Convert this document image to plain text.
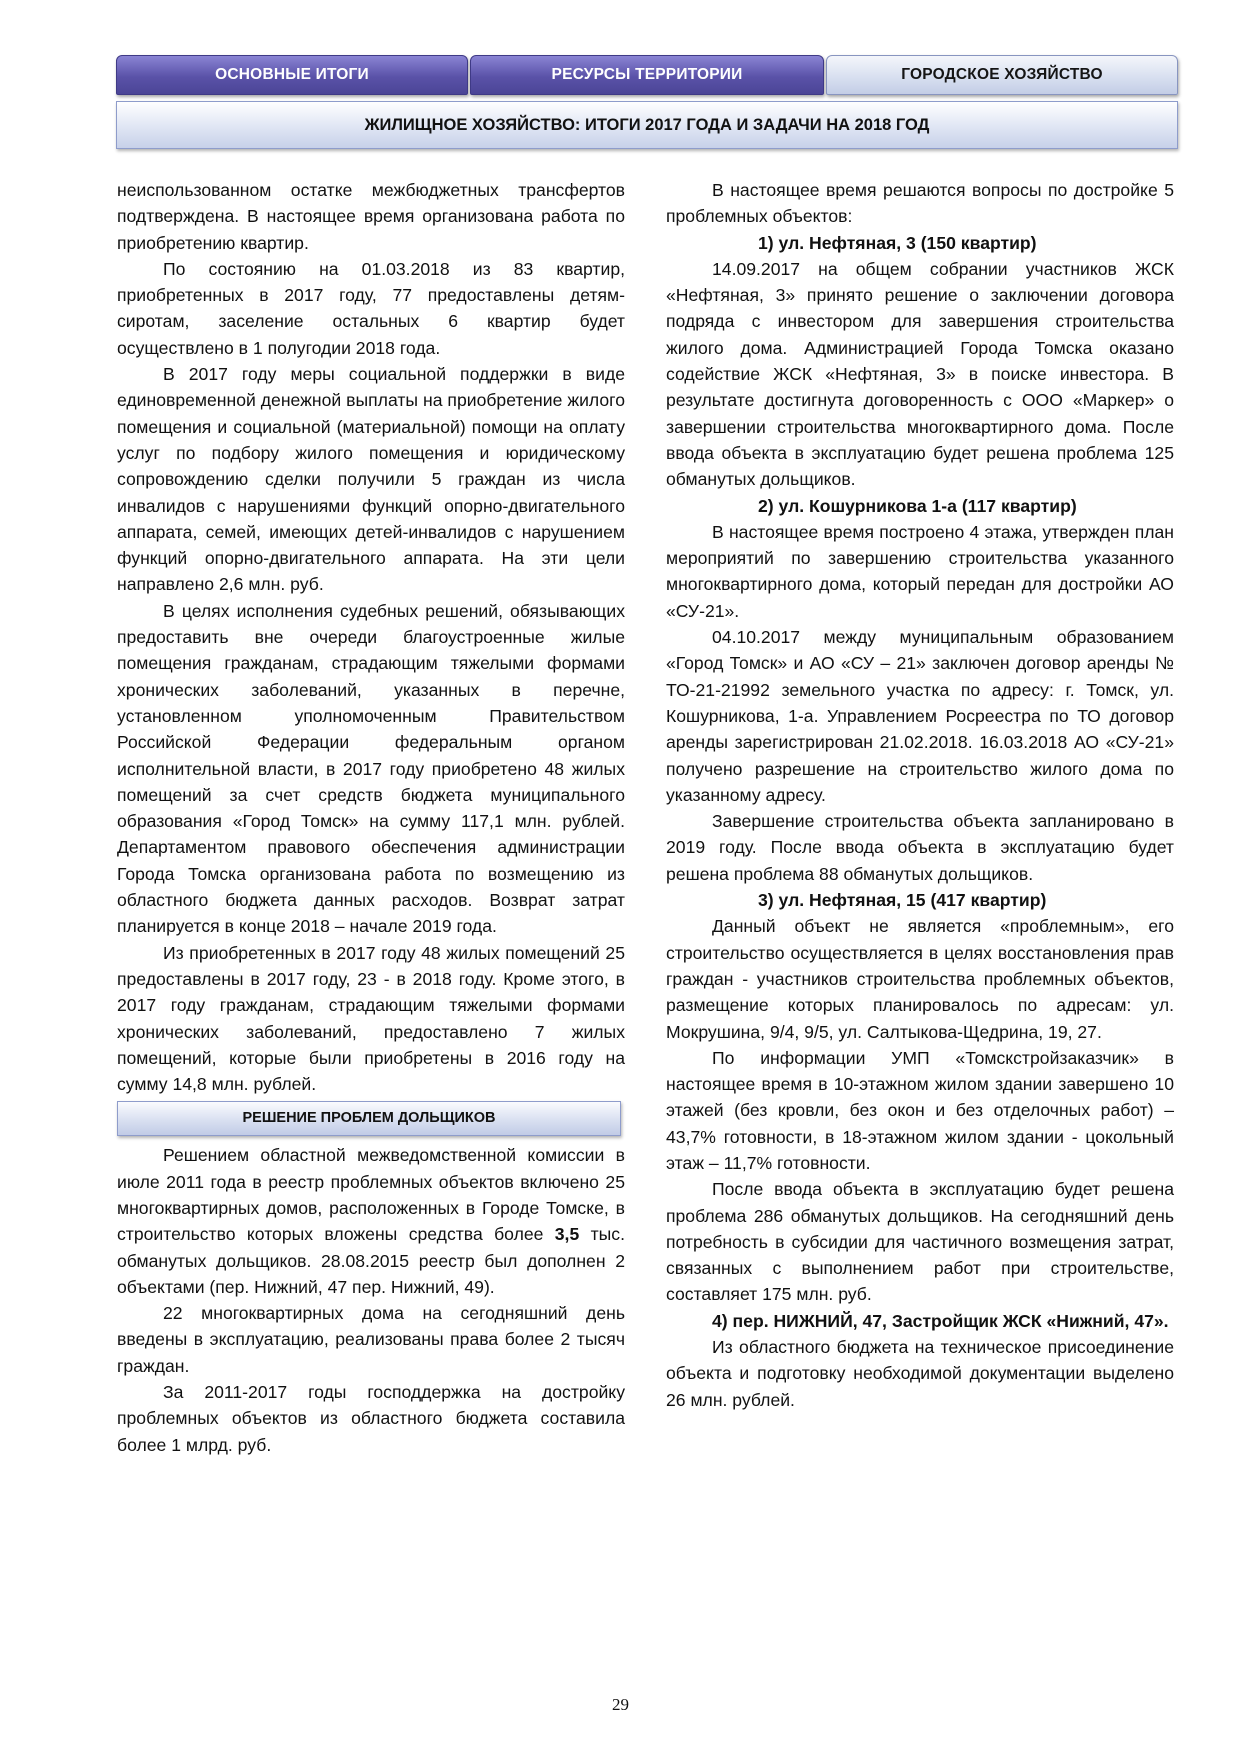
ОСНОВНЫЕ ИТОГИ	РЕСУРСЫ ТЕРРИТОРИИ	ГОРОДСКОЕ ХОЗЯЙСТВО
ЖИЛИЩНОЕ ХОЗЯЙСТВО: ИТОГИ 2017 ГОДА И ЗАДАЧИ НА 2018 ГОД

неиспользованном остатке межбюджетных трансфертов подтверждена. В настоящее время организована работа по приобретению квартир.

По состоянию на 01.03.2018 из 83 квартир, приобретенных в 2017 году, 77 предоставлены детям-сиротам, заселение остальных 6 квартир будет осуществлено в 1 полугодии 2018 года.

В 2017 году меры социальной поддержки в виде единовременной денежной выплаты на приобретение жилого помещения и социальной (материальной) помощи на оплату услуг по подбору жилого помещения и юридическому сопровождению сделки получили 5 граждан из числа инвалидов с нарушениями функций опорно-двигательного аппарата, семей, имеющих детей-инвалидов с нарушением функций опорно-двигательного аппарата. На эти цели направлено 2,6 млн. руб.

В целях исполнения судебных решений, обязывающих предоставить вне очереди благоустроенные жилые помещения гражданам, страдающим тяжелыми формами хронических заболеваний, указанных в перечне, установленном уполномоченным Правительством Российской Федерации федеральным органом исполнительной власти, в 2017 году приобретено 48 жилых помещений за счет средств бюджета муниципального образования «Город Томск» на сумму 117,1 млн. рублей. Департаментом правового обеспечения администрации Города Томска организована работа по возмещению из областного бюджета данных расходов. Возврат затрат планируется в конце 2018 – начале 2019 года.

Из приобретенных в 2017 году 48 жилых помещений 25 предоставлены в 2017 году, 23 - в 2018 году. Кроме этого, в 2017 году гражданам, страдающим тяжелыми формами хронических заболеваний, предоставлено 7 жилых помещений, которые были приобретены в 2016 году на сумму 14,8 млн. рублей.

РЕШЕНИЕ ПРОБЛЕМ ДОЛЬЩИКОВ

Решением областной межведомственной комиссии в июле 2011 года в реестр проблемных объектов включено 25 многоквартирных домов, расположенных в Городе Томске, в строительство которых вложены средства более 3,5 тыс. обманутых дольщиков. 28.08.2015 реестр был дополнен 2 объектами (пер. Нижний, 47 пер. Нижний, 49).

22 многоквартирных дома на сегодняшний день введены в эксплуатацию, реализованы права более 2 тысяч граждан.

За 2011-2017 годы господдержка на достройку проблемных объектов из областного бюджета составила более 1 млрд. руб.

В настоящее время решаются вопросы по достройке 5 проблемных объектов:

1) ул. Нефтяная, 3 (150 квартир)

14.09.2017 на общем собрании участников ЖСК «Нефтяная, 3» принято решение о заключении договора подряда с инвестором для завершения строительства жилого дома. Администрацией Города Томска оказано содействие ЖСК «Нефтяная, 3» в поиске инвестора. В результате достигнута договоренность с ООО «Маркер» о завершении строительства многоквартирного дома. После ввода объекта в эксплуатацию будет решена проблема 125 обманутых дольщиков.

2) ул. Кошурникова 1-а (117 квартир)

В настоящее время построено 4 этажа, утвержден план мероприятий по завершению строительства указанного многоквартирного дома, который передан для достройки АО «СУ-21».

04.10.2017 между муниципальным образованием «Город Томск» и АО «СУ – 21» заключен договор аренды № ТО-21-21992 земельного участка по адресу: г. Томск, ул. Кошурникова, 1-а. Управлением Росреестра по ТО договор аренды зарегистрирован 21.02.2018. 16.03.2018 АО «СУ-21» получено разрешение на строительство жилого дома по указанному адресу.

Завершение строительства объекта запланировано в 2019 году. После ввода объекта в эксплуатацию будет решена проблема 88 обманутых дольщиков.

3) ул. Нефтяная, 15 (417 квартир)

Данный объект не является «проблемным», его строительство осуществляется в целях восстановления прав граждан - участников строительства проблемных объектов, размещение которых планировалось по адресам: ул. Мокрушина, 9/4, 9/5, ул. Салтыкова-Щедрина, 19, 27.

По информации УМП «Томскстройзаказчик» в настоящее время в 10-этажном жилом здании завершено 10 этажей (без кровли, без окон и без отделочных работ) – 43,7% готовности, в 18-этажном жилом здании - цокольный этаж – 11,7% готовности.

После ввода объекта в эксплуатацию будет решена проблема 286 обманутых дольщиков. На сегодняшний день потребность в субсидии для частичного возмещения затрат, связанных с выполнением работ при строительстве, составляет 175 млн. руб.

4) пер. НИЖНИЙ, 47, Застройщик ЖСК «Нижний, 47».

Из областного бюджета на техническое присоединение объекта и подготовку необходимой документации выделено 26 млн. рублей.

29
